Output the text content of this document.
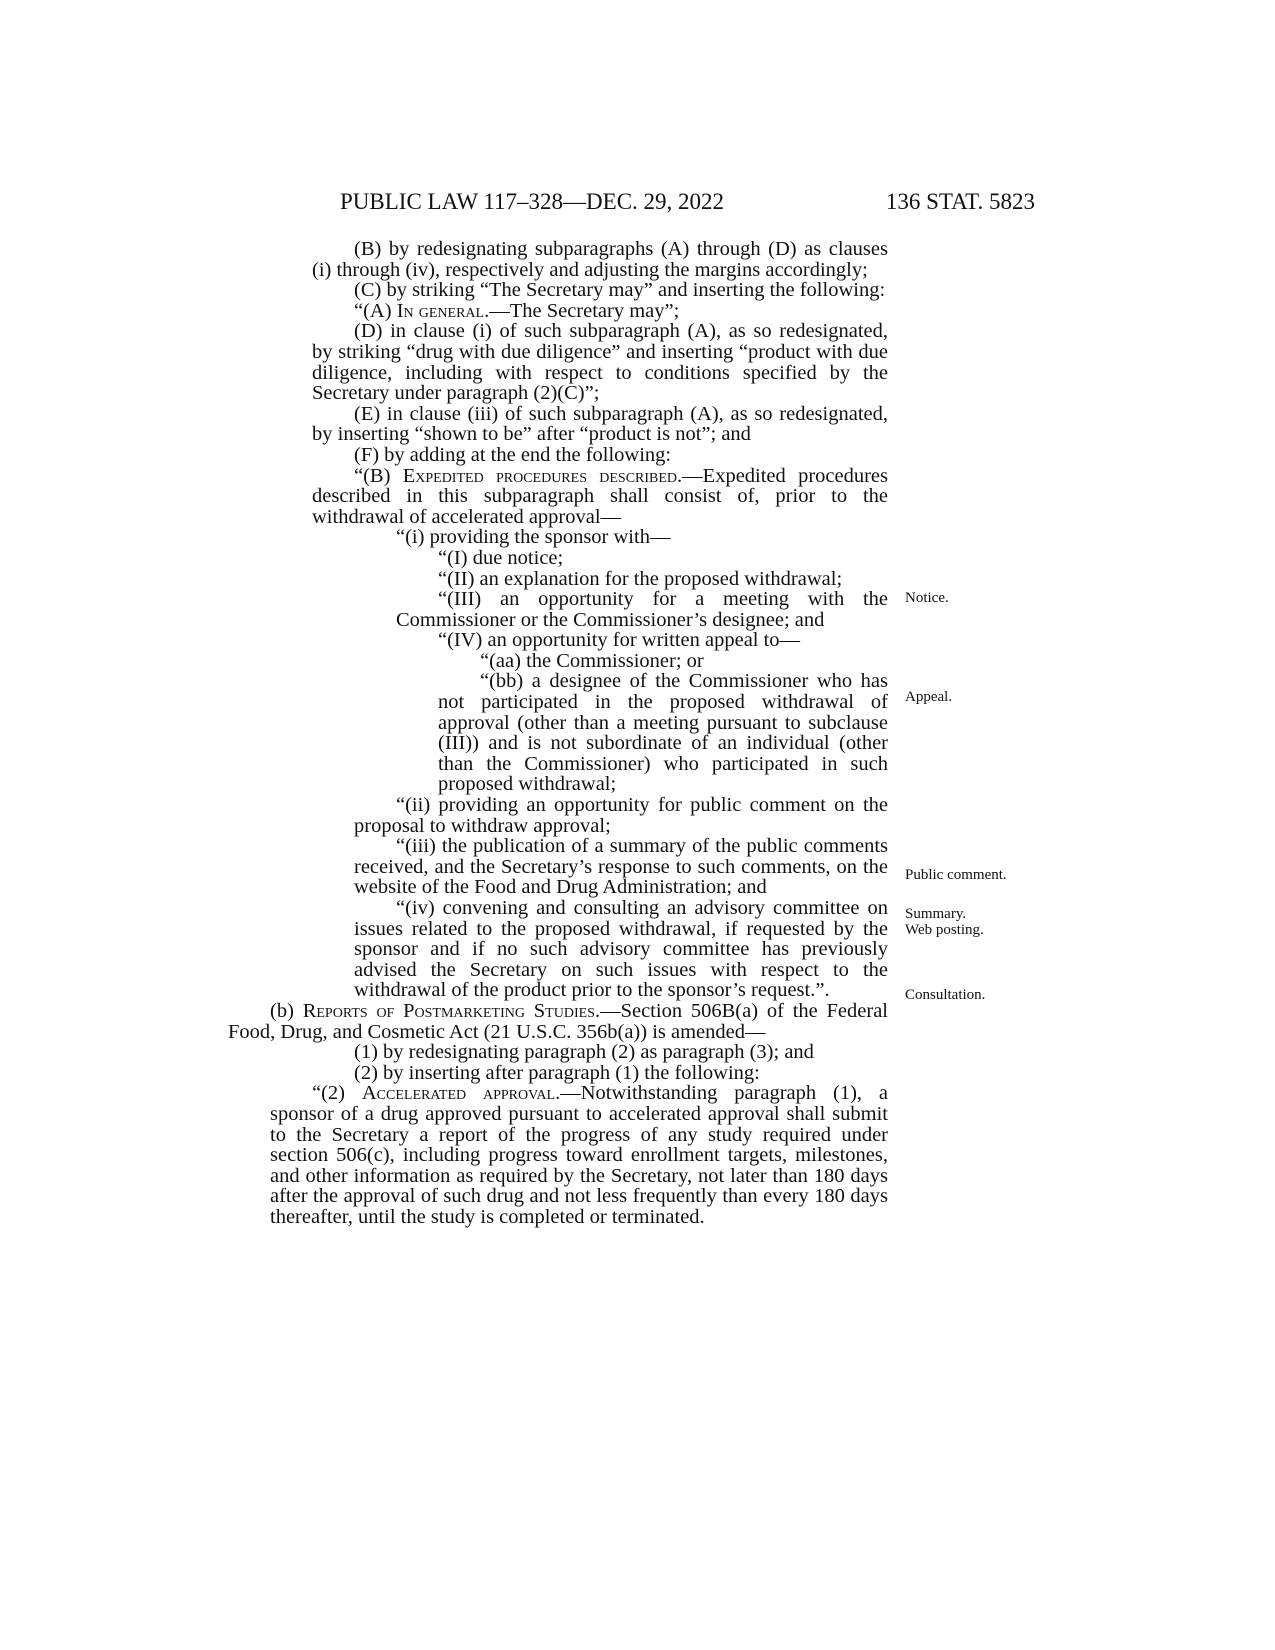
PUBLIC LAW 117–328—DEC. 29, 2022	136 STAT. 5823

(B) by redesignating subparagraphs (A) through (D) as clauses (i) through (iv), respectively and adjusting the margins accordingly;

(C) by striking “The Secretary may” and inserting the following:

“(A) In general.—The Secretary may”;

(D) in clause (i) of such subparagraph (A), as so redesignated, by striking “drug with due diligence” and inserting “product with due diligence, including with respect to conditions specified by the Secretary under paragraph (2)(C)”;

(E) in clause (iii) of such subparagraph (A), as so redesignated, by inserting “shown to be” after “product is not”; and

(F) by adding at the end the following:

“(B) Expedited procedures described.—Expedited procedures described in this subparagraph shall consist of, prior to the withdrawal of accelerated approval—

“(i) providing the sponsor with—

“(I) due notice;

“(II) an explanation for the proposed withdrawal;

“(III) an opportunity for a meeting with the Commissioner or the Commissioner’s designee; and

“(IV) an opportunity for written appeal to—

“(aa) the Commissioner; or

“(bb) a designee of the Commissioner who has not participated in the proposed withdrawal of approval (other than a meeting pursuant to subclause (III)) and is not subordinate of an individual (other than the Commissioner) who participated in such proposed withdrawal;

“(ii) providing an opportunity for public comment on the proposal to withdraw approval;

“(iii) the publication of a summary of the public comments received, and the Secretary’s response to such comments, on the website of the Food and Drug Administration; and

“(iv) convening and consulting an advisory committee on issues related to the proposed withdrawal, if requested by the sponsor and if no such advisory committee has previously advised the Secretary on such issues with respect to the withdrawal of the product prior to the sponsor’s request.”.

(b) Reports of Postmarketing Studies.—Section 506B(a) of the Federal Food, Drug, and Cosmetic Act (21 U.S.C. 356b(a)) is amended—

(1) by redesignating paragraph (2) as paragraph (3); and

(2) by inserting after paragraph (1) the following:

“(2) Accelerated approval.—Notwithstanding paragraph (1), a sponsor of a drug approved pursuant to accelerated approval shall submit to the Secretary a report of the progress of any study required under section 506(c), including progress toward enrollment targets, milestones, and other information as required by the Secretary, not later than 180 days after the approval of such drug and not less frequently than every 180 days thereafter, until the study is completed or terminated.

Notice.
Appeal.
Public comment.
Summary.
Web posting.
Consultation.
